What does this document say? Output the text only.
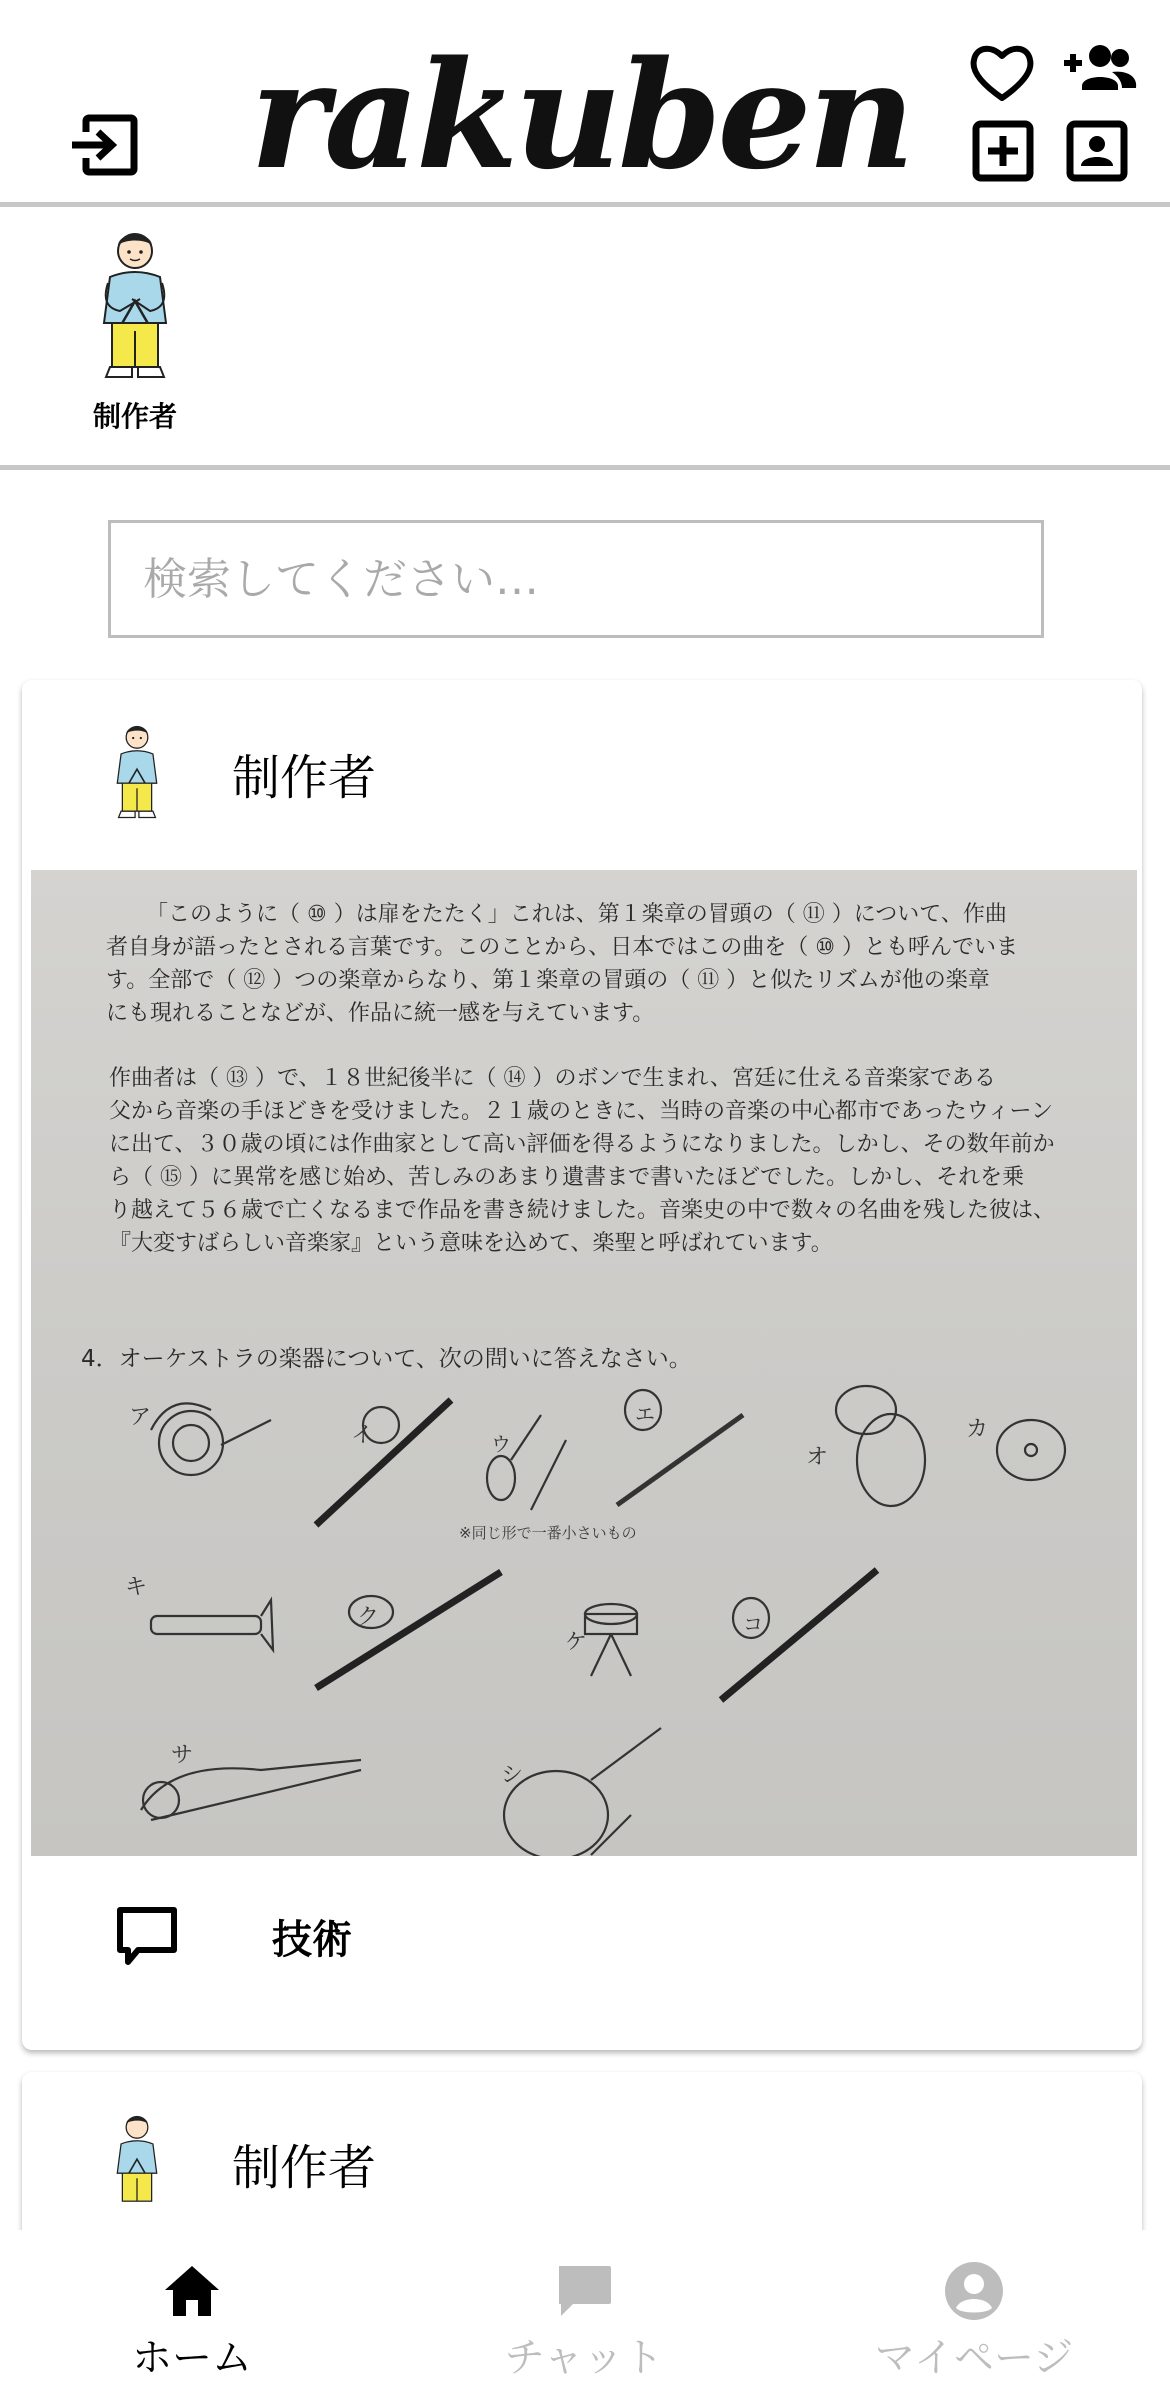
rakuben
制作者
検索してください…
制作者
「このように（ ⑩ ）は扉をたたく」これは、第１楽章の冒頭の（ ⑪ ）について、作曲
者自身が語ったとされる言葉です。このことから、日本ではこの曲を（ ⑩ ）とも呼んでいま
す。全部で（ ⑫ ）つの楽章からなり、第１楽章の冒頭の（ ⑪ ）と似たリズムが他の楽章
にも現れることなどが、作品に統一感を与えています。
作曲者は（ ⑬ ）で、１８世紀後半に（ ⑭ ）のボンで生まれ、宮廷に仕える音楽家である
父から音楽の手ほどきを受けました。２１歳のときに、当時の音楽の中心都市であったウィーン
に出て、３０歳の頃には作曲家として高い評価を得るようになりました。しかし、その数年前か
ら（ ⑮ ）に異常を感じ始め、苦しみのあまり遺書まで書いたほどでした。しかし、それを乗
り越えて５６歳で亡くなるまで作品を書き続けました。音楽史の中で数々の名曲を残した彼は、
『大変すばらしい音楽家』という意味を込めて、楽聖と呼ばれています。
4．オーケストラの楽器について、次の問いに答えなさい。
ア
イ	ウ
エ
オ
カ
キ
ク
ケ
コ
サ
シ
※同じ形で一番小さいもの
技術
制作者
ホーム	チャット	マイページ
